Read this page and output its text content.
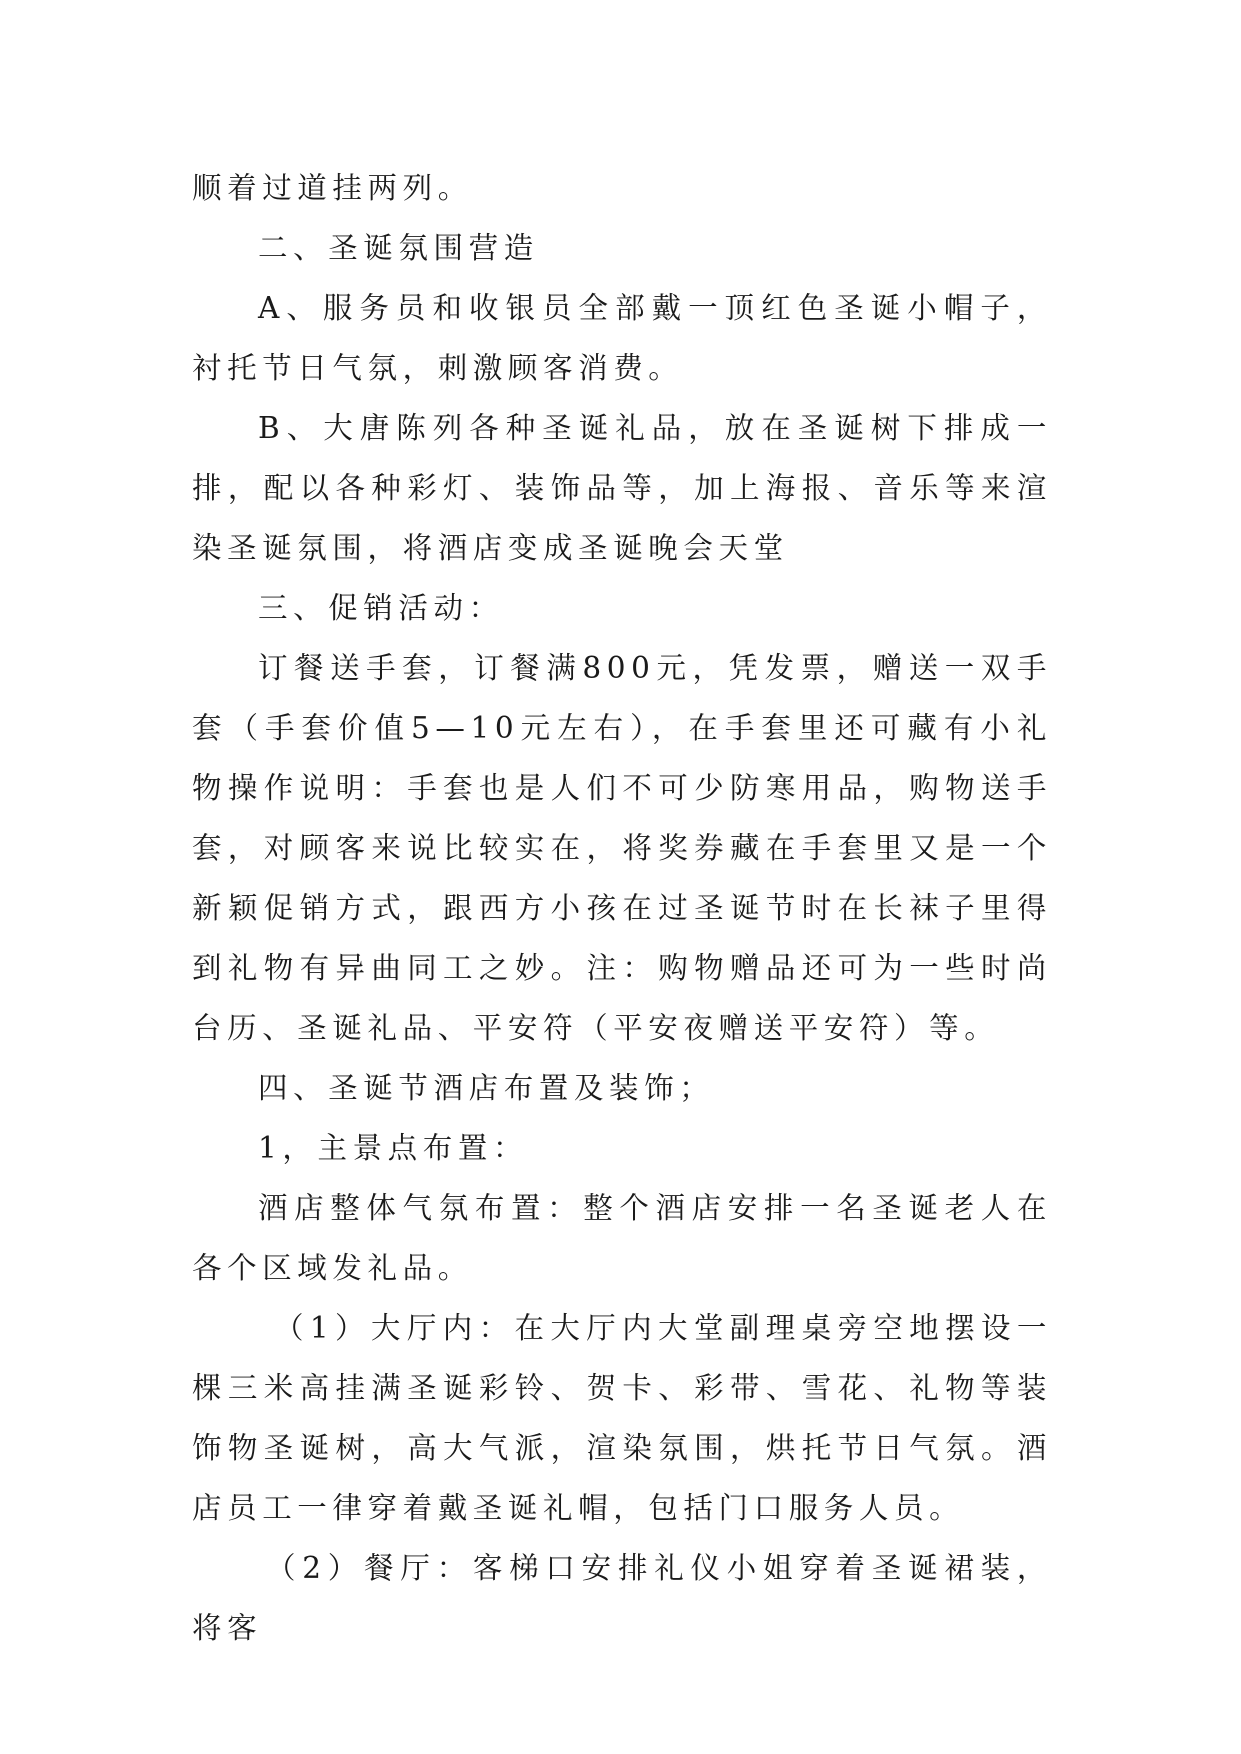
顺着过道挂两列。

二、圣诞氛围营造

A、服务员和收银员全部戴一顶红色圣诞小帽子，衬托节日气氛，刺激顾客消费。

B、大唐陈列各种圣诞礼品，放在圣诞树下排成一排，配以各种彩灯、装饰品等，加上海报、音乐等来渲染圣诞氛围，将酒店变成圣诞晚会天堂

三、促销活动：

订餐送手套，订餐满800元，凭发票，赠送一双手套（手套价值5—10元左右），在手套里还可藏有小礼物操作说明：手套也是人们不可少防寒用品，购物送手套，对顾客来说比较实在，将奖券藏在手套里又是一个新颖促销方式，跟西方小孩在过圣诞节时在长袜子里得到礼物有异曲同工之妙。注：购物赠品还可为一些时尚台历、圣诞礼品、平安符（平安夜赠送平安符）等。

四、圣诞节酒店布置及装饰；

1，主景点布置：

酒店整体气氛布置：整个酒店安排一名圣诞老人在各个区域发礼品。

（1）大厅内：在大厅内大堂副理桌旁空地摆设一棵三米高挂满圣诞彩铃、贺卡、彩带、雪花、礼物等装饰物圣诞树，高大气派，渲染氛围，烘托节日气氛。酒店员工一律穿着戴圣诞礼帽，包括门口服务人员。

（2）餐厅：客梯口安排礼仪小姐穿着圣诞裙装，将客
